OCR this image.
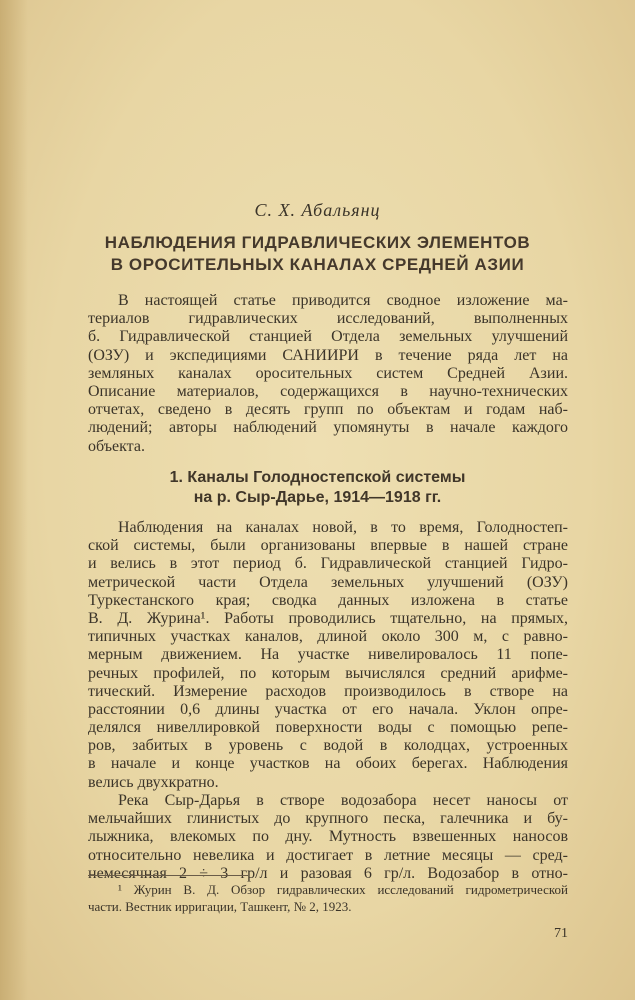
С. Х. Абальянц
НАБЛЮДЕНИЯ ГИДРАВЛИЧЕСКИХ ЭЛЕМЕНТОВ
В ОРОСИТЕЛЬНЫХ КАНАЛАХ СРЕДНЕЙ АЗИИ
В настоящей статье приводится сводное изложение ма-
териалов гидравлических исследований, выполненных
б. Гидравлической станцией Отдела земельных улучшений
(ОЗУ) и экспедициями САНИИРИ в течение ряда лет на
земляных каналах оросительных систем Средней Азии.
Описание материалов, содержащихся в научно-технических
отчетах, сведено в десять групп по объектам и годам наб-
людений; авторы наблюдений упомянуты в начале каждого
объекта.
1. Каналы Голодностепской системы
на р. Сыр-Дарье, 1914—1918 гг.
Наблюдения на каналах новой, в то время, Голодностеп-
ской системы, были организованы впервые в нашей стране
и велись в этот период б. Гидравлической станцией Гидро-
метрической части Отдела земельных улучшений (ОЗУ)
Туркестанского края; сводка данных изложена в статье
В. Д. Журина¹. Работы проводились тщательно, на прямых,
типичных участках каналов, длиной около 300 м, с равно-
мерным движением. На участке нивелировалось 11 попе-
речных профилей, по которым вычислялся средний арифме-
тический. Измерение расходов производилось в створе на
расстоянии 0,6 длины участка от его начала. Уклон опре-
делялся нивеллировкой поверхности воды с помощью репе-
ров, забитых в уровень с водой в колодцах, устроенных
в начале и конце участков на обоих берегах. Наблюдения
велись двухкратно.
Река Сыр-Дарья в створе водозабора несет наносы от
мельчайших глинистых до крупного песка, галечника и бу-
лыжника, влекомых по дну. Мутность взвешенных наносов
относительно невелика и достигает в летние месяцы — сред-
немесячная 2 ÷ 3 гр/л и разовая 6 гр/л. Водозабор в отно-
¹ Журин В. Д. Обзор гидравлических исследований гидрометрической
части. Вестник ирригации, Ташкент, № 2, 1923.
71
